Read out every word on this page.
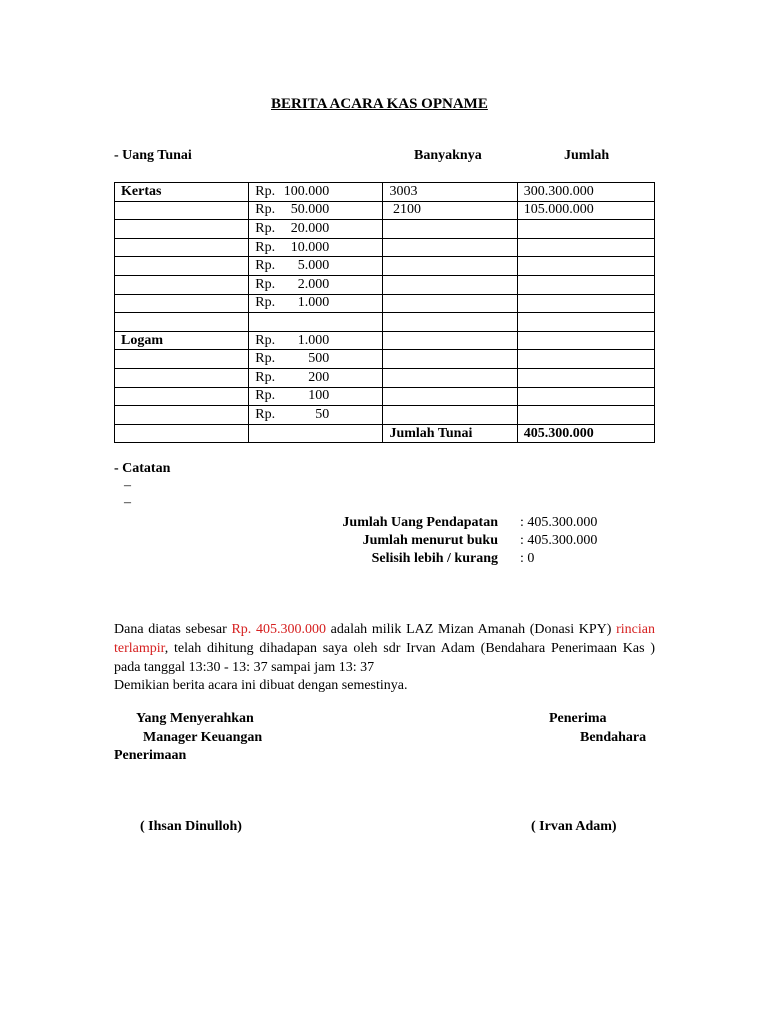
BERITA ACARA KAS OPNAME
- Uang Tunai	Banyaknya	Jumlah
Kertas	Rp. 100.000	3003	300.300.000
	Rp. 50.000	2100	105.000.000
	Rp. 20.000		
	Rp. 10.000		
	Rp. 5.000		
	Rp. 2.000		
	Rp. 1.000		

Logam	Rp. 1.000		
	Rp. 500		
	Rp. 200		
	Rp. 100		
	Rp. 50		
		Jumlah Tunai	405.300.000
- Catatan
–
–
Jumlah Uang Pendapatan : 405.300.000
Jumlah menurut buku : 405.300.000
Selisih lebih / kurang : 0
Dana diatas sebesar Rp. 405.300.000 adalah milik LAZ Mizan Amanah (Donasi KPY) rincian terlampir, telah dihitung dihadapan saya oleh sdr Irvan Adam (Bendahara Penerimaan Kas ) pada tanggal 13:30 - 13: 37 sampai jam 13: 37
Demikian berita acara ini dibuat dengan semestinya.
Yang Menyerahkan
Manager Keuangan
Penerima
Bendahara
Penerimaan
( Ihsan Dinulloh)	( Irvan Adam)
